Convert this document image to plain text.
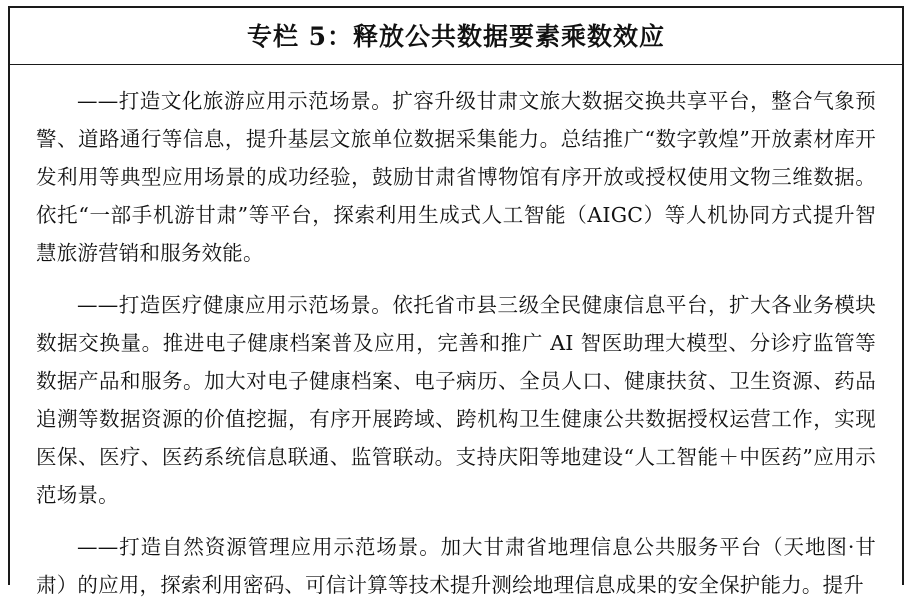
专栏 5：释放公共数据要素乘数效应

——打造文化旅游应用示范场景。扩容升级甘肃文旅大数据交换共享平台，整合气象预警、道路通行等信息，提升基层文旅单位数据采集能力。总结推广“数字敦煌”开放素材库开发利用等典型应用场景的成功经验，鼓励甘肃省博物馆有序开放或授权使用文物三维数据。依托“一部手机游甘肃”等平台，探索利用生成式人工智能（AIGC）等人机协同方式提升智慧旅游营销和服务效能。

——打造医疗健康应用示范场景。依托省市县三级全民健康信息平台，扩大各业务模块数据交换量。推进电子健康档案普及应用，完善和推广 AI 智医助理大模型、分诊疗监管等数据产品和服务。加大对电子健康档案、电子病历、全员人口、健康扶贫、卫生资源、药品追溯等数据资源的价值挖掘，有序开展跨域、跨机构卫生健康公共数据授权运营工作，实现医保、医疗、医药系统信息联通、监管联动。支持庆阳等地建设“人工智能＋中医药”应用示范场景。

——打造自然资源管理应用示范场景。加大甘肃省地理信息公共服务平台（天地图·甘肃）的应用，探索利用密码、可信计算等技术提升测绘地理信息成果的安全保护能力。提升
